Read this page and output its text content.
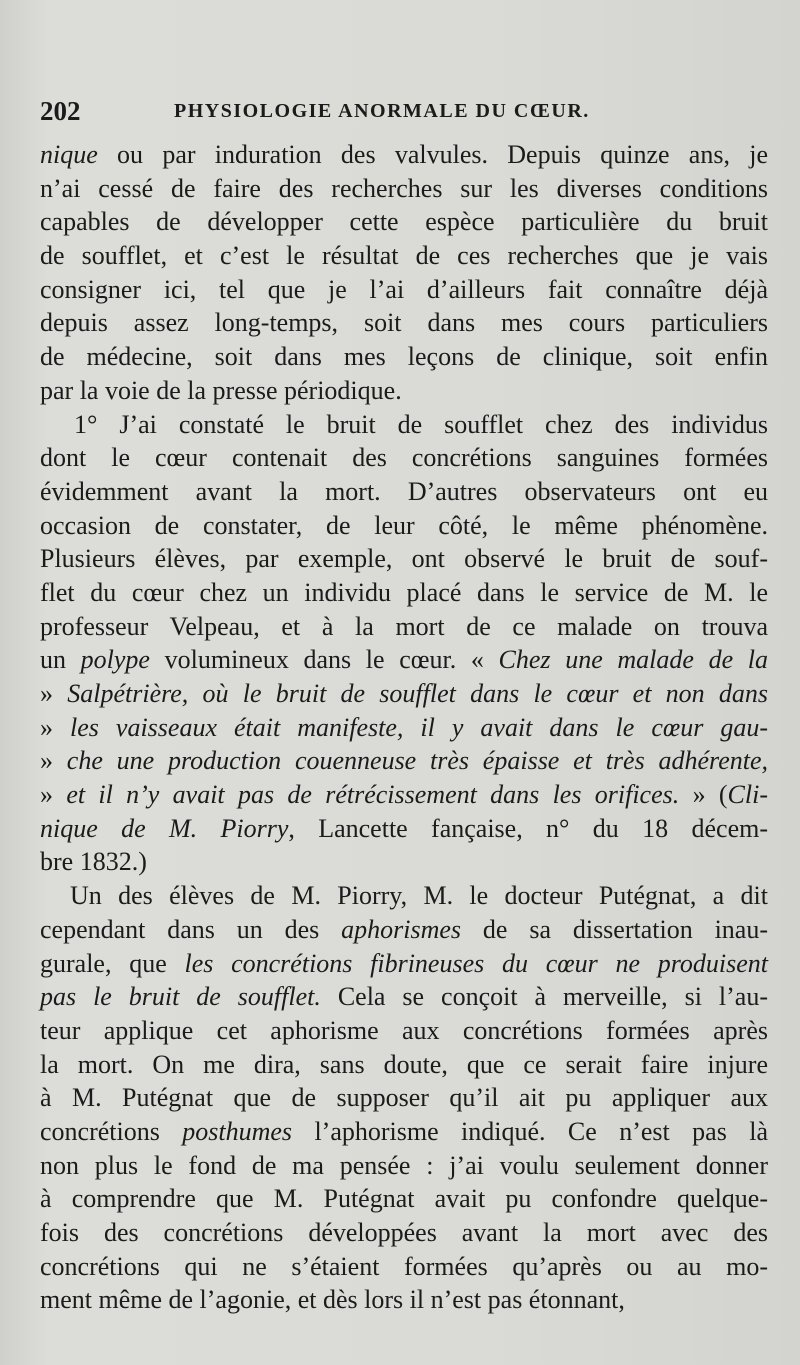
202	PHYSIOLOGIE ANORMALE DU CŒUR.
nique ou par induration des valvules. Depuis quinze ans, je
n’ai cessé de faire des recherches sur les diverses conditions
capables de développer cette espèce particulière du bruit
de soufflet, et c’est le résultat de ces recherches que je vais
consigner ici, tel que je l’ai d’ailleurs fait connaître déjà
depuis assez long-temps, soit dans mes cours particuliers
de médecine, soit dans mes leçons de clinique, soit enfin
par la voie de la presse périodique.
1° J’ai constaté le bruit de soufflet chez des individus
dont le cœur contenait des concrétions sanguines formées
évidemment avant la mort. D’autres observateurs ont eu
occasion de constater, de leur côté, le même phénomène.
Plusieurs élèves, par exemple, ont observé le bruit de souf-
flet du cœur chez un individu placé dans le service de M. le
professeur Velpeau, et à la mort de ce malade on trouva
un polype volumineux dans le cœur. « Chez une malade de la
» Salpétrière, où le bruit de soufflet dans le cœur et non dans
» les vaisseaux était manifeste, il y avait dans le cœur gau-
» che une production couenneuse très épaisse et très adhérente,
» et il n’y avait pas de rétrécissement dans les orifices. » (Cli-
nique de M. Piorry, Lancette fançaise, n° du 18 décem-
bre 1832.)
Un des élèves de M. Piorry, M. le docteur Putégnat, a dit
cependant dans un des aphorismes de sa dissertation inau-
gurale, que les concrétions fibrineuses du cœur ne produisent
pas le bruit de soufflet. Cela se conçoit à merveille, si l’au-
teur applique cet aphorisme aux concrétions formées après
la mort. On me dira, sans doute, que ce serait faire injure
à M. Putégnat que de supposer qu’il ait pu appliquer aux
concrétions posthumes l’aphorisme indiqué. Ce n’est pas là
non plus le fond de ma pensée : j’ai voulu seulement donner
à comprendre que M. Putégnat avait pu confondre quelque-
fois des concrétions développées avant la mort avec des
concrétions qui ne s’étaient formées qu’après ou au mo-
ment même de l’agonie, et dès lors il n’est pas étonnant,
